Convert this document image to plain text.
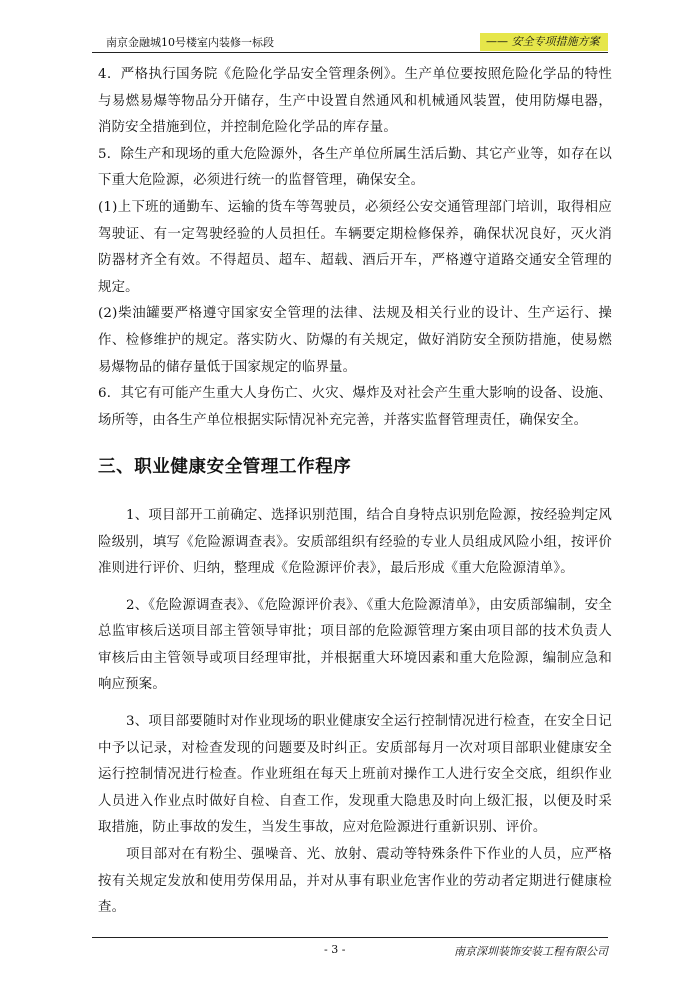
南京金融城10号楼室内装修一标段	—— 安全专项措施方案

4．严格执行国务院《危险化学品安全管理条例》。生产单位要按照危险化学品的特性与易燃易爆等物品分开储存，生产中设置自然通风和机械通风装置，使用防爆电器，消防安全措施到位，并控制危险化学品的库存量。

5．除生产和现场的重大危险源外，各生产单位所属生活后勤、其它产业等，如存在以下重大危险源，必须进行统一的监督管理，确保安全。

(1)上下班的通勤车、运输的货车等驾驶员，必须经公安交通管理部门培训，取得相应驾驶证、有一定驾驶经验的人员担任。车辆要定期检修保养，确保状况良好，灭火消防器材齐全有效。不得超员、超车、超载、酒后开车，严格遵守道路交通安全管理的规定。

(2)柴油罐要严格遵守国家安全管理的法律、法规及相关行业的设计、生产运行、操作、检修维护的规定。落实防火、防爆的有关规定，做好消防安全预防措施，使易燃易爆物品的储存量低于国家规定的临界量。

6．其它有可能产生重大人身伤亡、火灾、爆炸及对社会产生重大影响的设备、设施、场所等，由各生产单位根据实际情况补充完善，并落实监督管理责任，确保安全。

三、职业健康安全管理工作程序

1、项目部开工前确定、选择识别范围，结合自身特点识别危险源，按经验判定风险级别，填写《危险源调查表》。安质部组织有经验的专业人员组成风险小组，按评价准则进行评价、归纳，整理成《危险源评价表》，最后形成《重大危险源清单》。

2、《危险源调查表》、《危险源评价表》、《重大危险源清单》，由安质部编制，安全总监审核后送项目部主管领导审批；项目部的危险源管理方案由项目部的技术负责人审核后由主管领导或项目经理审批，并根据重大环境因素和重大危险源，编制应急和响应预案。

3、项目部要随时对作业现场的职业健康安全运行控制情况进行检查，在安全日记中予以记录，对检查发现的问题要及时纠正。安质部每月一次对项目部职业健康安全运行控制情况进行检查。作业班组在每天上班前对操作工人进行安全交底，组织作业人员进入作业点时做好自检、自查工作，发现重大隐患及时向上级汇报，以便及时采取措施，防止事故的发生，当发生事故，应对危险源进行重新识别、评价。

项目部对在有粉尘、强噪音、光、放射、震动等特殊条件下作业的人员，应严格按有关规定发放和使用劳保用品，并对从事有职业危害作业的劳动者定期进行健康检查。

- 3 -	南京深圳装饰安装工程有限公司
